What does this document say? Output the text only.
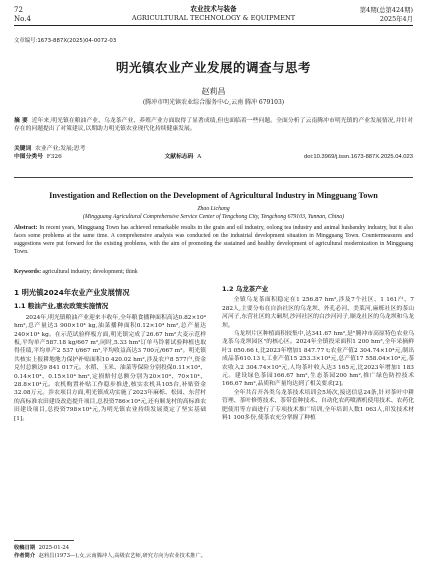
72
No.4
农业技术与装备
AGRICULTURAL TECHNOLOGY & EQUIPMENT
第4期(总第424期)
2025年4月
文章编号:1673-887X(2025)04-0072-03
明光镇农业产业发展的调查与思考
赵莉昌
(腾冲市明光镇农业综合服务中心,云南 腾冲 679103)
摘 要 近年来,明光镇在粮油产业、乌龙茶产业、养殖产业方面取得了显著成绩,但也面临着一些问题。全面分析了云南腾冲市明光镇的产业发展情况,并针对存在的问题提出了对策建议,以期助力明光镇农业现代化持续健康发展。
关键词 农业产业;发展;思考
中图分类号 F326	文献标志码 A	doi:10.3969/j.issn.1673-887X.2025.04.023
Investigation and Reflection on the Development of Agricultural Industry in Mingguang Town
Zhao Lichang
(Mingguang Agricultural Comprehensive Service Center of Tengchong City, Tengchong 679103, Yunnan, China)
Abstract: In recent years, Mingguang Town has achieved remarkable results in the grain and oil industry, oolong tea industry and animal husbandry industry, but it also faces some problems at the same time. A comprehensive analysis was conducted on the industrial development situation in Mingguang Town. Countermeasures and suggestions were put forward for the existing problems, with the aim of promoting the sustained and healthy development of agricultural modernization in Mingguang Town.
Keywords: agricultural industry; development; think
1 明光镇2024年农业产业发展情况
1.1 粮油产业,惠农政策实施情况

2024年,明光镇粮油产业迎来丰收年,全年粮食播种面积高达0.82×10⁴ hm²,总产量达3 900×10⁴ kg,油菜播种面积0.12×10⁴ hm²,总产量达240×10⁴ kg。在示范试验样板方面,明光镇完成了26.67 hm²大麦示范样板,平均单产587.18 kg/667 m²,同时,5.33 hm²订单马铃薯试验种植也取得佳绩,平均单产2 537 t/667 m²,平均收益高达3 700元/667 m²。明光镇共核实上报耕地地力保护补贴面积10 420.02 hm²,涉及农户8 577户,资金兑付总额达9 841 017元。水稻、玉米、油菜等保险分别投保0.11×10⁴、0.14×10⁴、0.15×10⁴ hm²,定损赔付总额分别为20×10⁴、70×10⁴、28.8×10⁴元。农机购置补贴工作稳步推进,核实农机具105台,补贴资金32.08万元。涉农项目方面,明光镇成功实施了2023年麻栎、松园、东营村的高标准农田建设改造提升项目,总投资786×10⁴元,还有顺龙村的高标准农田建设项目,总投资798×10⁴元,为明光镇农业持续发展奠定了坚实基础[1]。

1.2 乌龙茶产业

全镇乌龙茶面积稳定在1 256.87 hm²,涉及7个社区、1 161户、7 282人,主要分布在自治社区的乌龙坝、外孔必河、美莱河,麻栎社区的茶山河河子,东营社区的大硐坝,沙河社区的白沙河河子,顺龙社区的乌龙坝和乌龙坝。

乌龙坝片区种植面积较集中,达341.67 hm²,是"腾冲市高原特色农业乌龙茶乌龙坝园区"的核心区。2024年全镇投采面积1 200 hm²,全年采摘鲜叶3 050.66 t,比2023年增加1 847.77 t;农业产值2 304.74×10⁴元,制出成品茶610.13 t,工业产值15 253.3×10⁴元,总产值17 558.04×10⁴元,茶农收入2 304.74×10⁴元,人均茶叶收入达3 165元,比2023年增加1 183元。建设绿色茶园166.67 hm²,生态茶园200 hm²,推广绿色防控技术166.67 hm²,品质和产量均达到了相关要求[2]。

全年共召开各类乌龙茶技术培训会5场次,接送信息24条,针对茶叶中耕管理、茶叶修剪技术、茶带套种技术、自动化农药喷洒机使用技术、农药化肥使用等方面进行了专项技术推广培训,全年培训人数1 063人,印发技术材料1 100多份,使茶农充分掌握了种植

收稿日期 2025-01-24
作者简介 赵莉昌(1973—),女,云南腾冲人,高级农艺师,研究方向为农业技术推广。
